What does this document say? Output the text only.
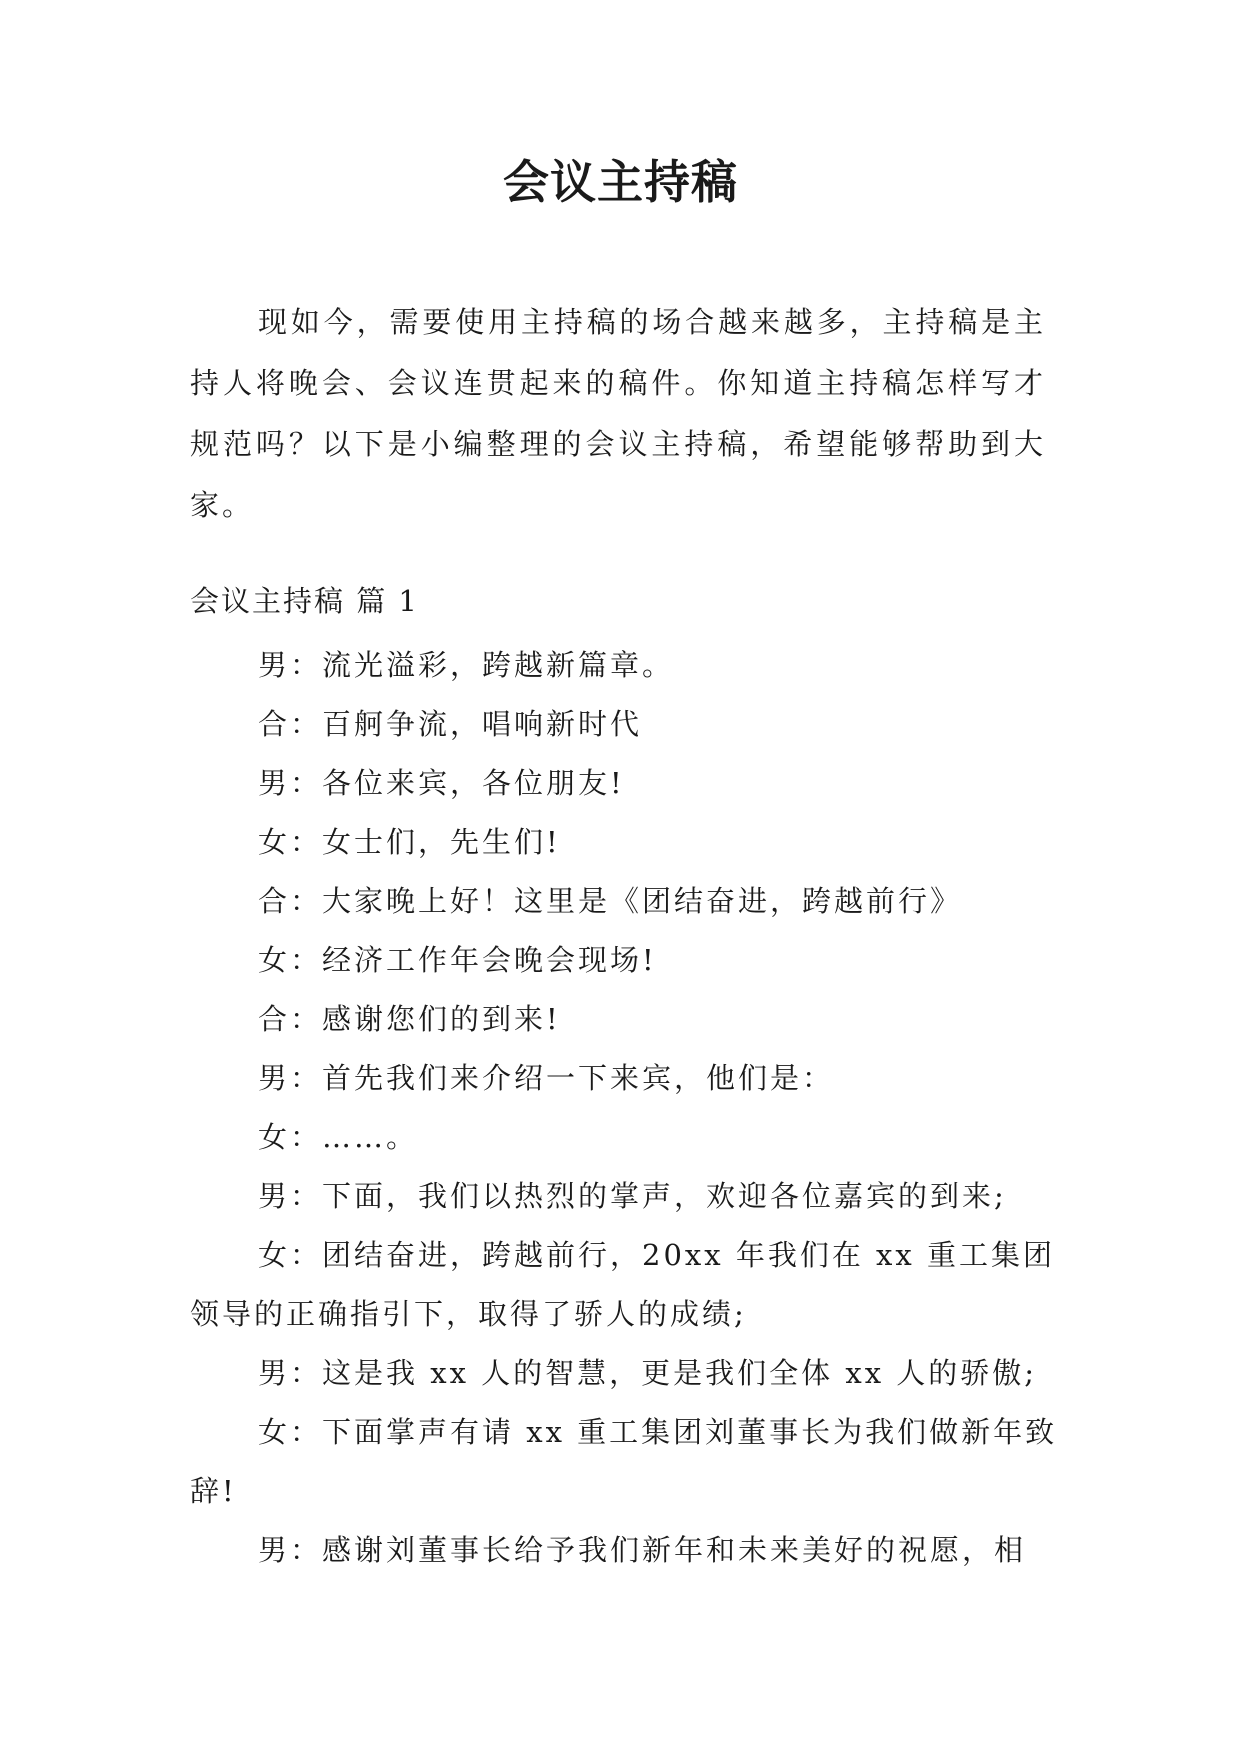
会议主持稿

现如今，需要使用主持稿的场合越来越多，主持稿是主持人将晚会、会议连贯起来的稿件。你知道主持稿怎样写才规范吗？以下是小编整理的会议主持稿，希望能够帮助到大家。

会议主持稿 篇 1

男：流光溢彩，跨越新篇章。

合：百舸争流，唱响新时代

男：各位来宾，各位朋友!

女：女士们，先生们!

合：大家晚上好！这里是《团结奋进，跨越前行》

女：经济工作年会晚会现场!

合：感谢您们的到来!

男：首先我们来介绍一下来宾，他们是：

女：……。

男：下面，我们以热烈的掌声，欢迎各位嘉宾的到来;

女：团结奋进，跨越前行，20xx 年我们在 xx 重工集团领导的正确指引下，取得了骄人的成绩;

男：这是我 xx 人的智慧，更是我们全体 xx 人的骄傲;

女：下面掌声有请 xx 重工集团刘董事长为我们做新年致辞!

男：感谢刘董事长给予我们新年和未来美好的祝愿，相
